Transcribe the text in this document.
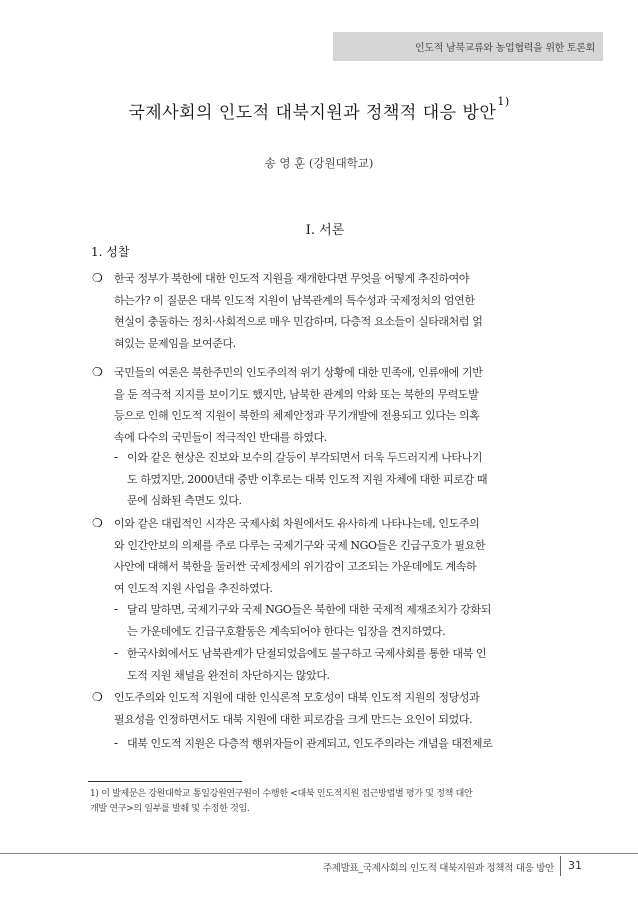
인도적 남북교류와 농업협력을 위한 토론회
국제사회의 인도적 대북지원과 정책적 대응 방안$^{1)}$
송 영 훈 (강원대학교)
I. 서론
1. 성찰
❍	한국 정부가 북한에 대한 인도적 지원을 재개한다면 무엇을 어떻게 추진하여야
하는가? 이 질문은 대북 인도적 지원이 남북관계의 특수성과 국제정치의 엄연한
현실이 충돌하는 정치·사회적으로 매우 민감하며, 다층적 요소들이 실타래처럼 얽
혀있는 문제임을 보여준다.
❍	국민들의 여론은 북한주민의 인도주의적 위기 상황에 대한 민족애, 인류애에 기반
을 둔 적극적 지지를 보이기도 했지만, 남북한 관계의 악화 또는 북한의 무력도발
등으로 인해 인도적 지원이 북한의 체제안정과 무기개발에 전용되고 있다는 의혹
속에 다수의 국민들이 적극적인 반대를 하였다.
- 이와 같은 현상은 진보와 보수의 갈등이 부각되면서 더욱 두드러지게 나타나기
도 하였지만, 2000년대 중반 이후로는 대북 인도적 지원 자체에 대한 피로감 때
문에 심화된 측면도 있다.
❍	이와 같은 대립적인 시각은 국제사회 차원에서도 유사하게 나타나는데, 인도주의
와 인간안보의 의제를 주로 다루는 국제기구와 국제 NGO들은 긴급구호가 필요한
사안에 대해서 북한을 둘러싼 국제정세의 위기감이 고조되는 가운데에도 계속하
여 인도적 지원 사업을 추진하였다.
- 달리 말하면, 국제기구와 국제 NGO들은 북한에 대한 국제적 제재조치가 강화되
는 가운데에도 긴급구호활동은 계속되어야 한다는 입장을 견지하였다.
- 한국사회에서도 남북관계가 단절되었음에도 불구하고 국제사회를 통한 대북 인
도적 지원 채널을 완전히 차단하지는 않았다.
❍	인도주의와 인도적 지원에 대한 인식론적 모호성이 대북 인도적 지원의 정당성과
필요성을 인정하면서도 대북 지원에 대한 피로감을 크게 만드는 요인이 되었다.
- 대북 인도적 지원은 다층적 행위자들이 관계되고, 인도주의라는 개념을 대전제로
1) 이 발제문은 강원대학교 통일강원연구원이 수행한 <대북 인도적지원 접근방법별 평가 및 정책 대안
개발 연구>의 일부를 발췌 및 수정한 것임.
주제발표_국제사회의 인도적 대북지원과 정책적 대응 방안 31
